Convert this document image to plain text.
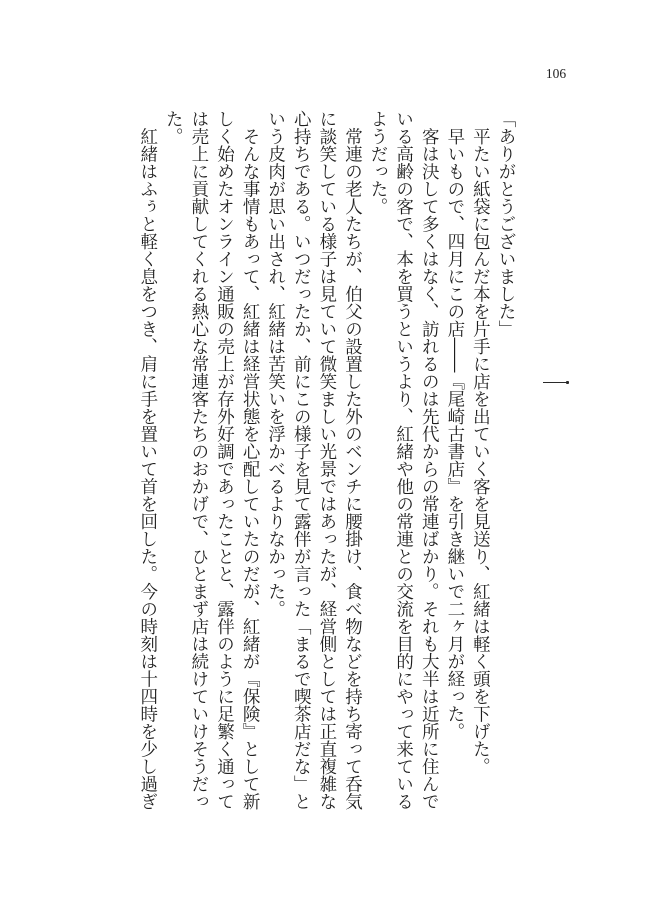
106
「ありがとうございました」
　平たい紙袋に包んだ本を片手に店を出ていく客を見送り、紅緒は軽く頭を下げた。
　早いもので、四月にこの店――『尾崎古書店』を引き継いで二ヶ月が経った。
　客は決して多くはなく、訪れるのは先代からの常連ばかり。それも大半は近所に住んで
いる高齢の客で、本を買うというより、紅緒や他の常連との交流を目的にやって来ている
ようだった。
　常連の老人たちが、伯父の設置した外のベンチに腰掛け、食べ物などを持ち寄って呑気
に談笑している様子は見ていて微笑ましい光景ではあったが、経営側としては正直複雑な
心持ちである。いつだったか、前にこの様子を見て露伴が言った「まるで喫茶店だな」と
いう皮肉が思い出され、紅緒は苦笑いを浮かべるよりなかった。
　そんな事情もあって、紅緒は経営状態を心配していたのだが、紅緒が『保険』として新
しく始めたオンライン通販の売上が存外好調であったことと、露伴のように足繁く通って
は売上に貢献してくれる熱心な常連客たちのおかげで、ひとまず店は続けていけそうだっ
た。
　紅緒はふぅと軽く息をつき、肩に手を置いて首を回した。今の時刻は十四時を少し過ぎ
